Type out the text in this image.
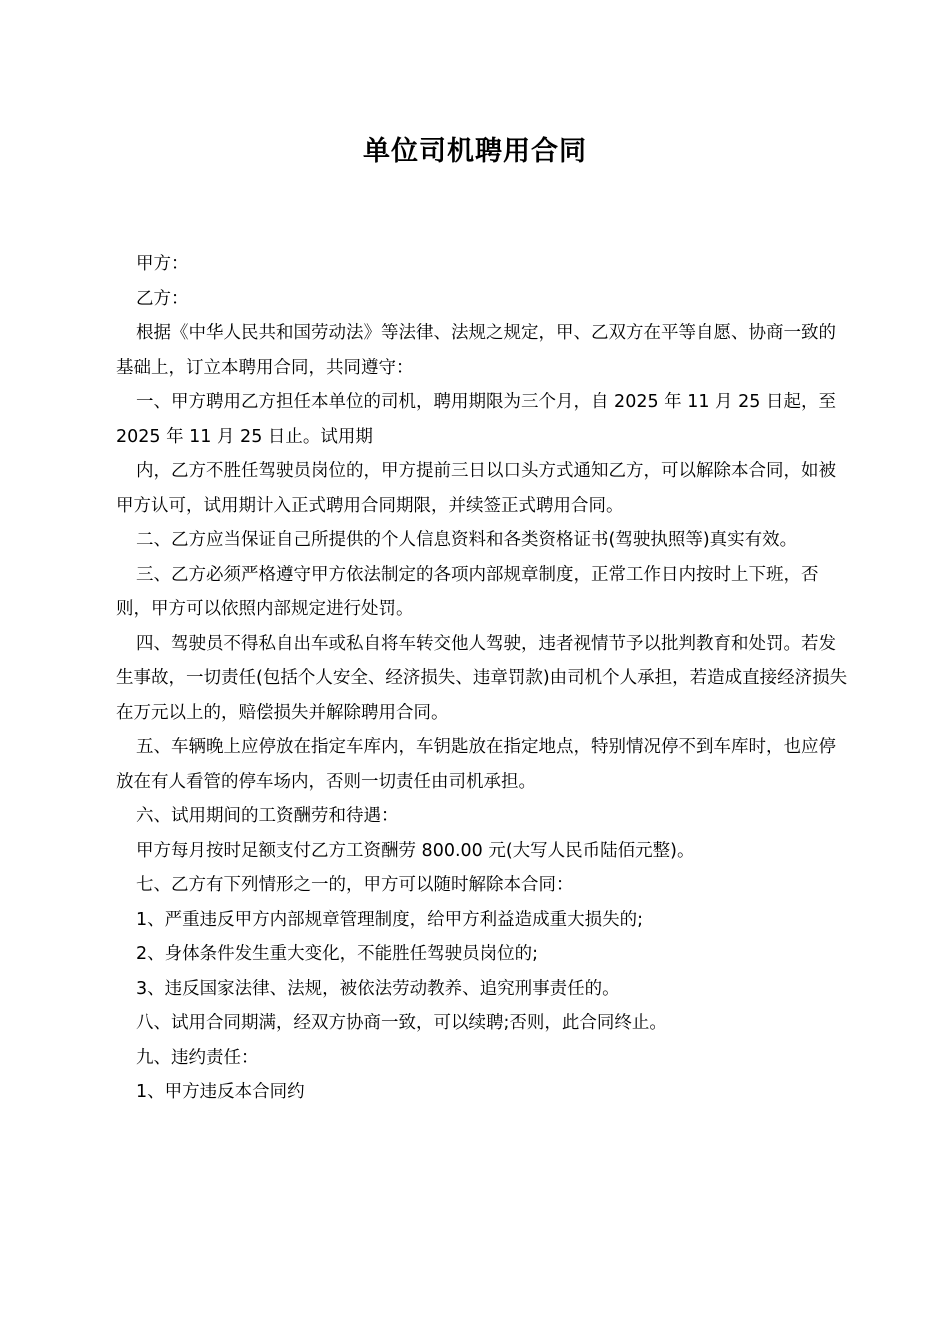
单位司机聘用合同

甲方：

乙方：

根据《中华人民共和国劳动法》等法律、法规之规定，甲、乙双方在平等自愿、协商一致的基础上，订立本聘用合同，共同遵守：

一、甲方聘用乙方担任本单位的司机，聘用期限为三个月，自 2025 年 11 月 25 日起，至 2025 年 11 月 25 日止。试用期

内，乙方不胜任驾驶员岗位的，甲方提前三日以口头方式通知乙方，可以解除本合同，如被甲方认可，试用期计入正式聘用合同期限，并续签正式聘用合同。

二、乙方应当保证自己所提供的个人信息资料和各类资格证书(驾驶执照等)真实有效。

三、乙方必须严格遵守甲方依法制定的各项内部规章制度，正常工作日内按时上下班，否则，甲方可以依照内部规定进行处罚。

四、驾驶员不得私自出车或私自将车转交他人驾驶，违者视情节予以批判教育和处罚。若发生事故，一切责任(包括个人安全、经济损失、违章罚款)由司机个人承担，若造成直接经济损失在万元以上的，赔偿损失并解除聘用合同。

五、车辆晚上应停放在指定车库内，车钥匙放在指定地点，特别情况停不到车库时，也应停放在有人看管的停车场内，否则一切责任由司机承担。

六、试用期间的工资酬劳和待遇：

甲方每月按时足额支付乙方工资酬劳 800.00 元(大写人民币陆佰元整)。

七、乙方有下列情形之一的，甲方可以随时解除本合同：

1、严重违反甲方内部规章管理制度，给甲方利益造成重大损失的;

2、身体条件发生重大变化，不能胜任驾驶员岗位的;

3、违反国家法律、法规，被依法劳动教养、追究刑事责任的。

八、试用合同期满，经双方协商一致，可以续聘;否则，此合同终止。

九、违约责任：

1、甲方违反本合同约
